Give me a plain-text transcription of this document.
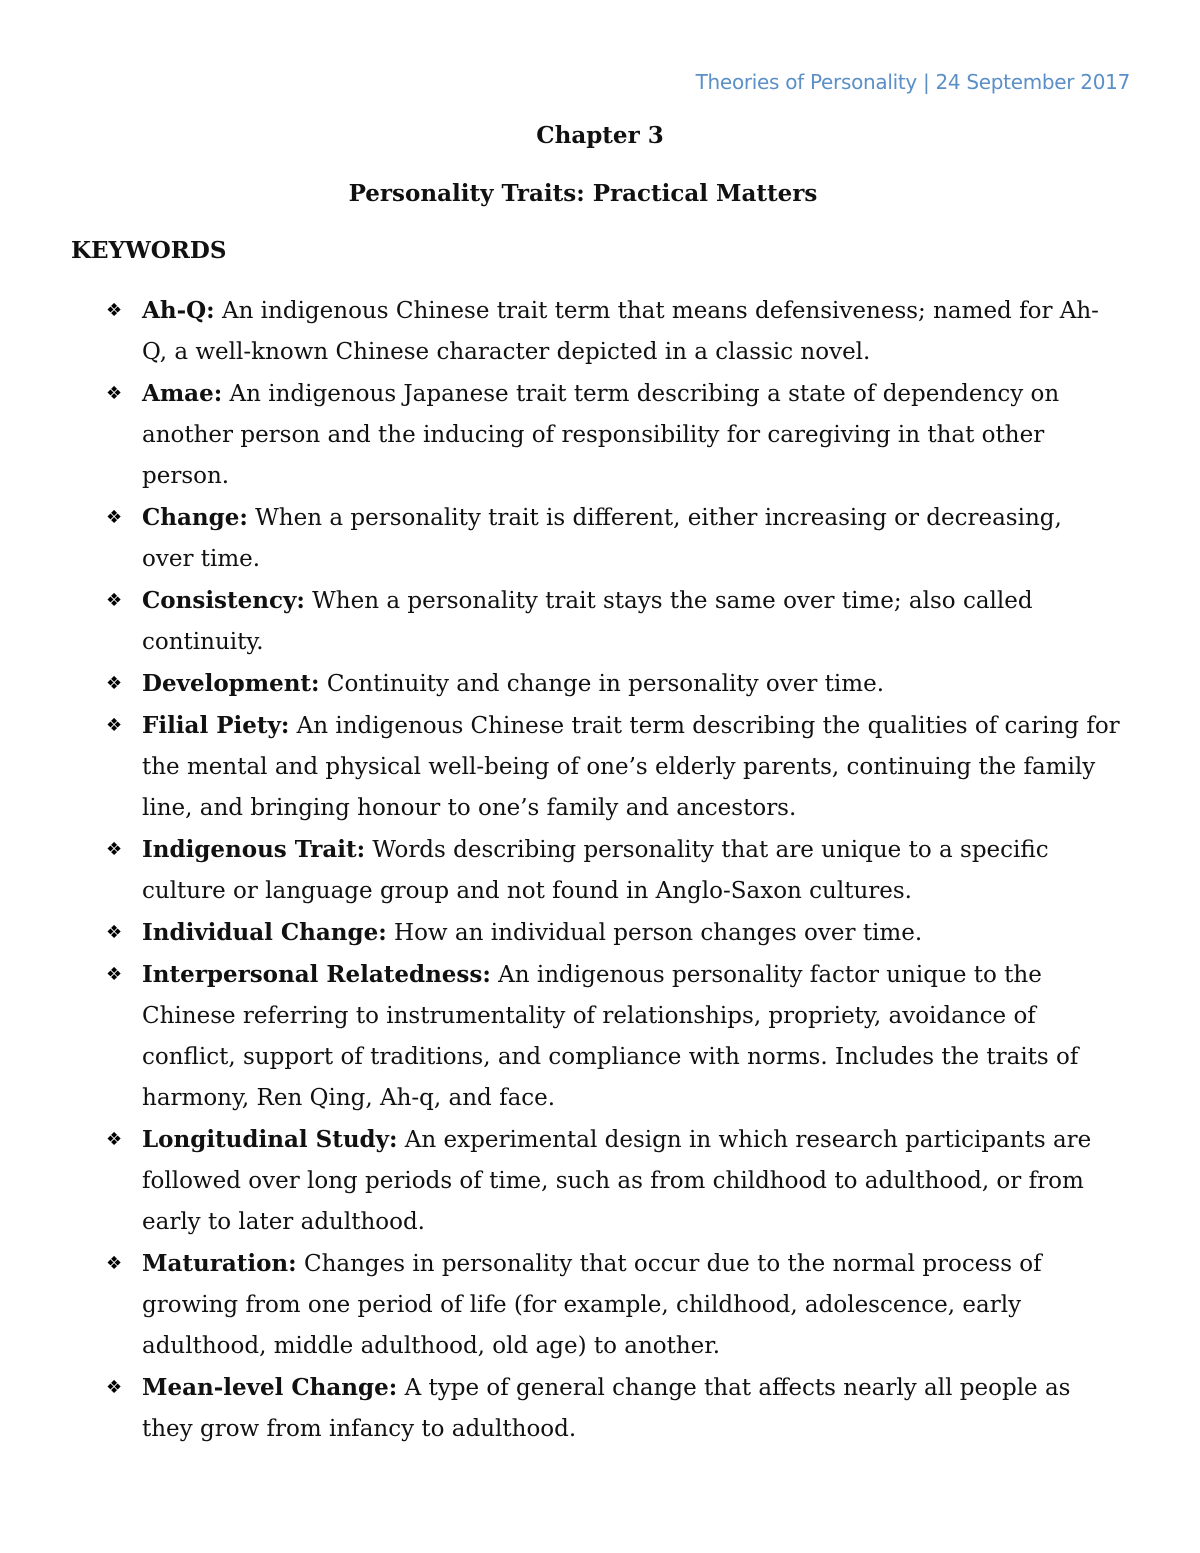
Theories of Personality | 24 September 2017
Chapter 3
Personality Traits: Practical Matters
KEYWORDS
❖ Ah-Q: An indigenous Chinese trait term that means defensiveness; named for Ah-Q, a well-known Chinese character depicted in a classic novel.
❖ Amae: An indigenous Japanese trait term describing a state of dependency on another person and the inducing of responsibility for caregiving in that other person.
❖ Change: When a personality trait is different, either increasing or decreasing, over time.
❖ Consistency: When a personality trait stays the same over time; also called continuity.
❖ Development: Continuity and change in personality over time.
❖ Filial Piety: An indigenous Chinese trait term describing the qualities of caring for the mental and physical well-being of one’s elderly parents, continuing the family line, and bringing honour to one’s family and ancestors.
❖ Indigenous Trait: Words describing personality that are unique to a specific culture or language group and not found in Anglo-Saxon cultures.
❖ Individual Change: How an individual person changes over time.
❖ Interpersonal Relatedness: An indigenous personality factor unique to the Chinese referring to instrumentality of relationships, propriety, avoidance of conflict, support of traditions, and compliance with norms. Includes the traits of harmony, Ren Qing, Ah-q, and face.
❖ Longitudinal Study: An experimental design in which research participants are followed over long periods of time, such as from childhood to adulthood, or from early to later adulthood.
❖ Maturation: Changes in personality that occur due to the normal process of growing from one period of life (for example, childhood, adolescence, early adulthood, middle adulthood, old age) to another.
❖ Mean-level Change: A type of general change that affects nearly all people as they grow from infancy to adulthood.
